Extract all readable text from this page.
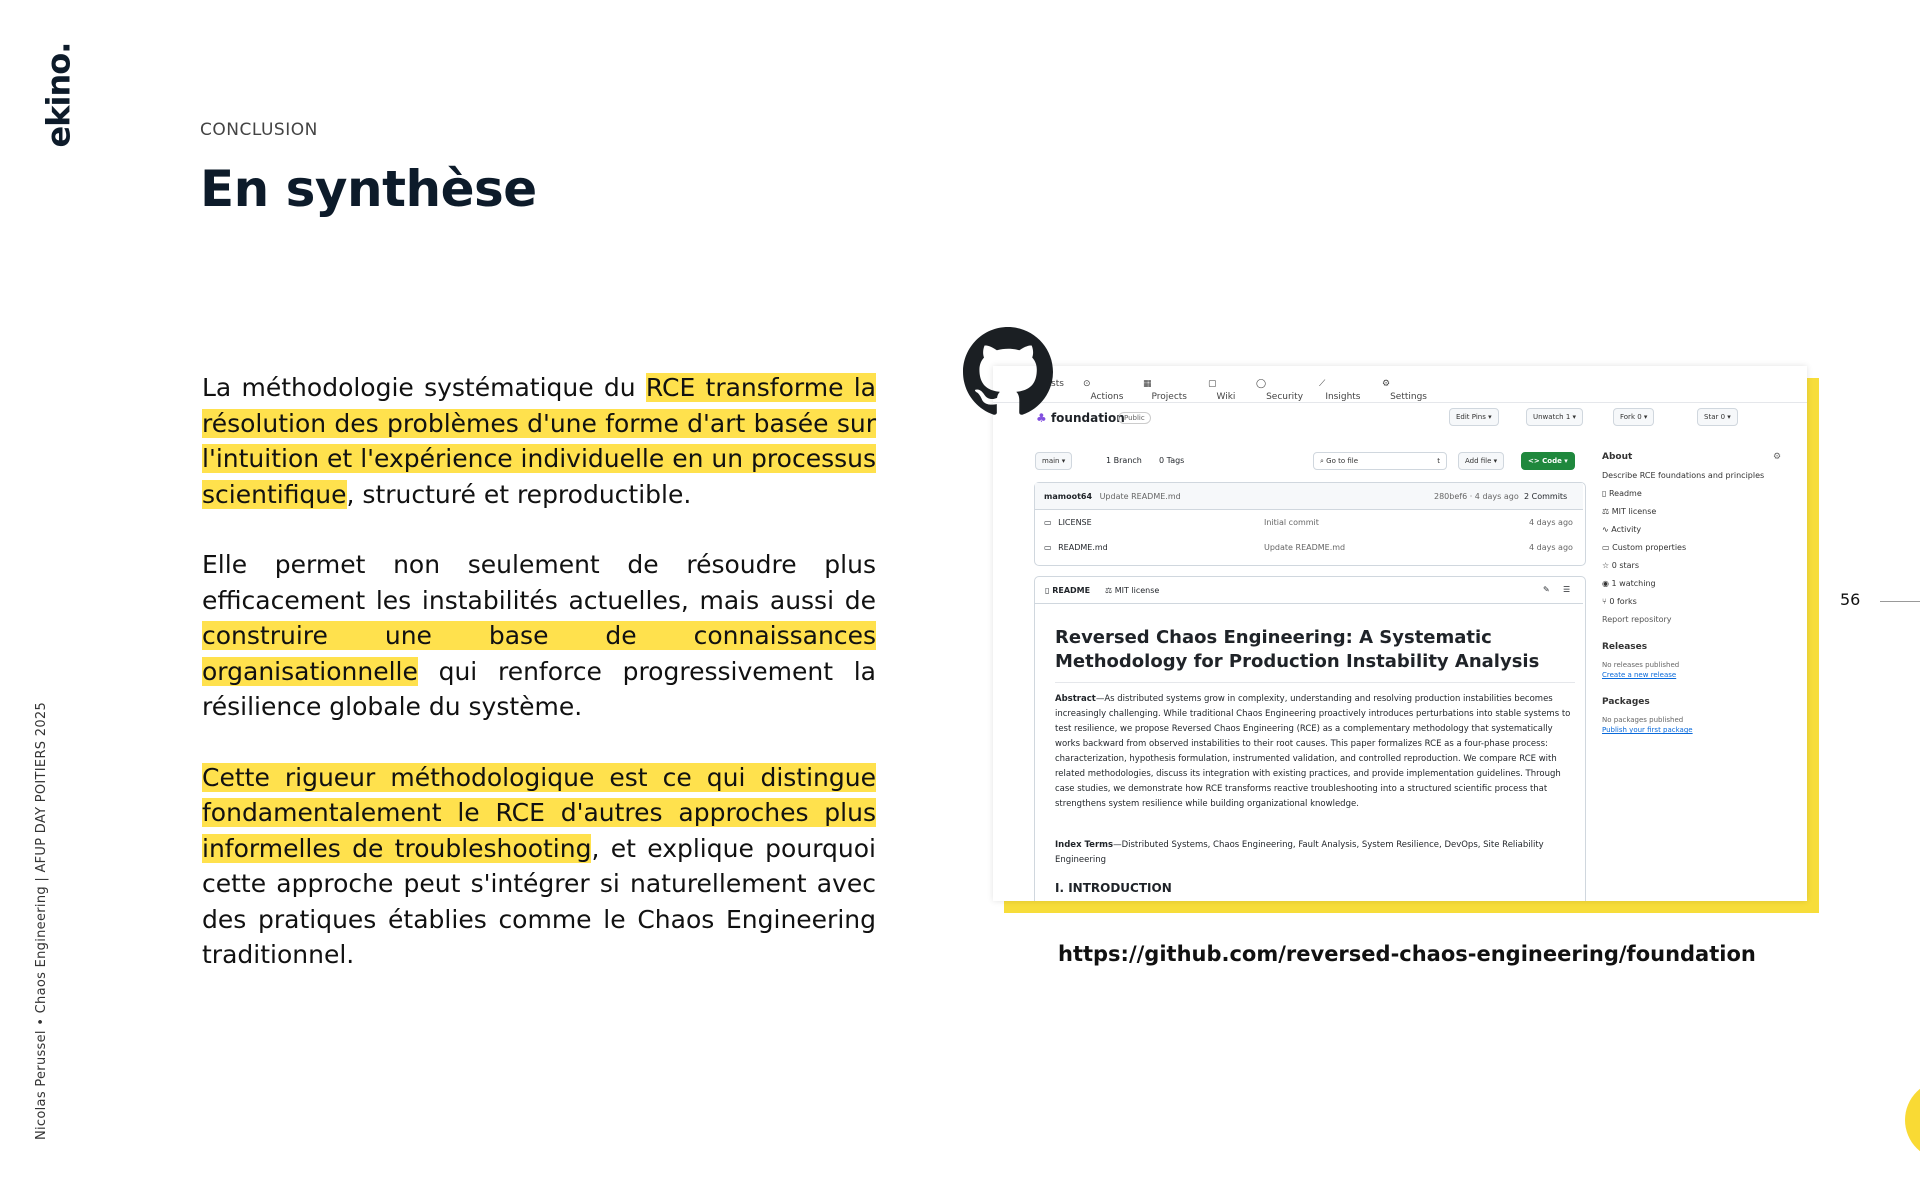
ekino.
Nicolas Perussel • Chaos Engineering | AFUP DAY POITIERS 2025
CONCLUSION
En synthèse

La méthodologie systématique du RCE transforme la résolution des problèmes d'une forme d'art basée sur l'intuition et l'expérience individuelle en un processus scientifique, structuré et reproductible.

Elle permet non seulement de résoudre plus efficacement les instabilités actuelles, mais aussi de construire une base de connaissances organisationnelle qui renforce progressivement la résilience globale du système.

Cette rigueur méthodologique est ce qui distingue fondamentalement le RCE d'autres approches plus informelles de troubleshooting, et explique pourquoi cette approche peut s'intégrer si naturellement avec des pratiques établies comme le Chaos Engineering traditionnel.

sts ⊙
Actions
▦
Projects
▢
Wiki
◯
Security
⟋
Insights
⚙
Settings
♣ foundation Public	Edit Pins ▾	Unwatch 1 ▾	Fork 0 ▾	Star 0 ▾
main ▾	1 Branch 0 Tags	⌕ Go to file	t	Add file ▾	<> Code ▾
mamoot64 Update README.md	280bef6 · 4 days ago 2 Commits
▭ LICENSE	Initial commit	4 days ago
▭ README.md	Update README.md	4 days ago
▯ README ⚖ MIT license	✎ ☰
Reversed Chaos Engineering: A Systematic Methodology for Production Instability Analysis
Abstract—As distributed systems grow in complexity, understanding and resolving production instabilities becomes increasingly challenging. While traditional Chaos Engineering proactively introduces perturbations into stable systems to test resilience, we propose Reversed Chaos Engineering (RCE) as a complementary methodology that systematically works backward from observed instabilities to their root causes. This paper formalizes RCE as a four-phase process: characterization, hypothesis formulation, instrumented validation, and controlled reproduction. We compare RCE with related methodologies, discuss its integration with existing practices, and provide implementation guidelines. Through case studies, we demonstrate how RCE transforms reactive troubleshooting into a structured scientific process that strengthens system resilience while building organizational knowledge.
Index Terms—Distributed Systems, Chaos Engineering, Fault Analysis, System Resilience, DevOps, Site Reliability Engineering
I. INTRODUCTION
About
Describe RCE foundations and principles
▯ Readme
⚖ MIT license
∿ Activity
▭ Custom properties
☆ 0 stars
◉ 1 watching
⑂ 0 forks
Report repository
Releases
No releases published
Create a new release
Packages
No packages published
Publish your first package
⚙
https://github.com/reversed-chaos-engineering/foundation
56
